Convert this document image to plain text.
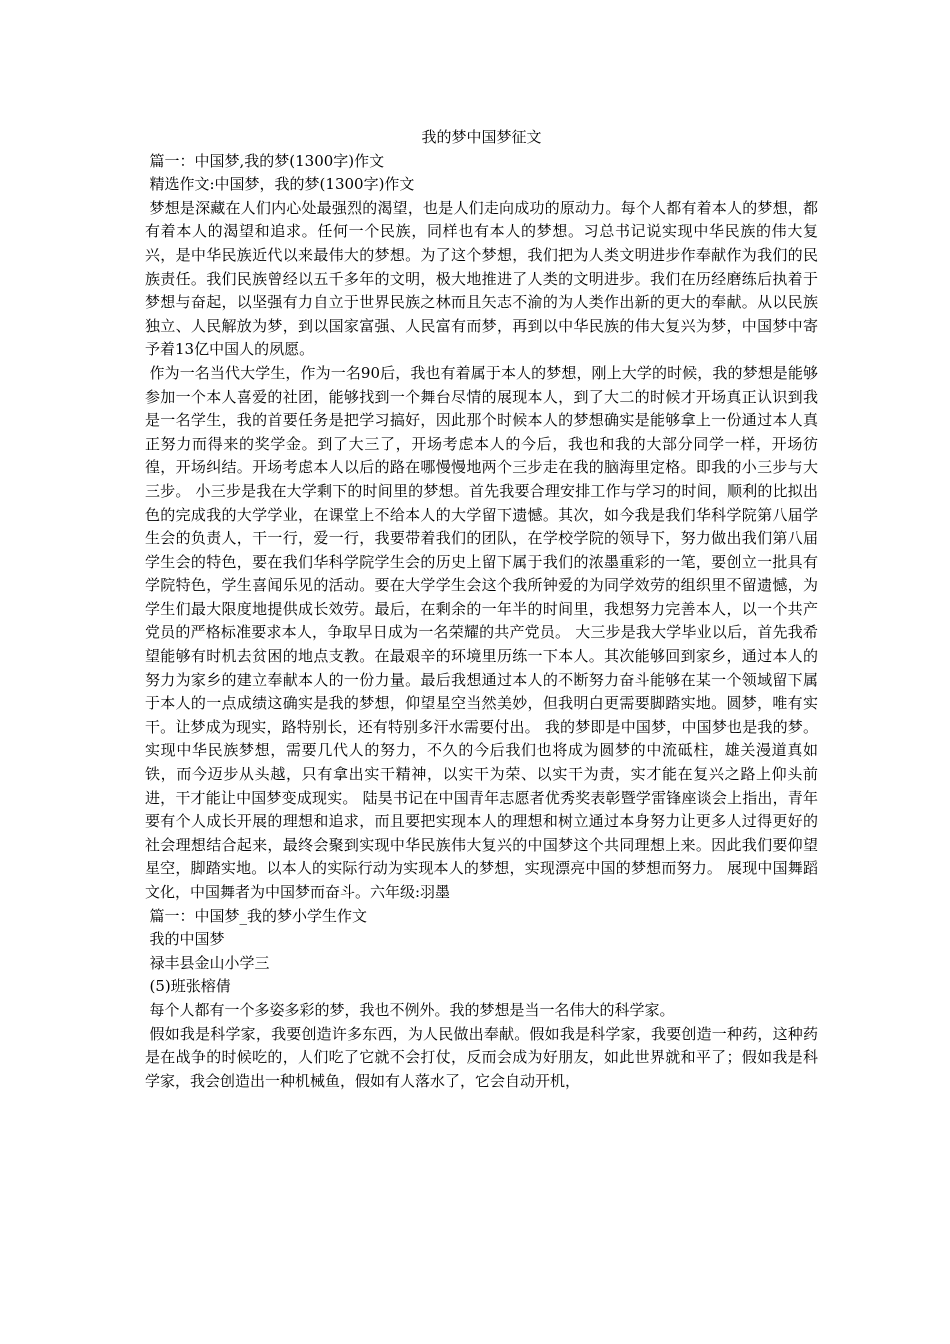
我的梦中国梦征文

篇一：中国梦,我的梦(1300字)作文

精选作文:中国梦，我的梦(1300字)作文

梦想是深藏在人们内心处最强烈的渴望，也是人们走向成功的原动力。每个人都有着本人的梦想，都有着本人的渴望和追求。任何一个民族，同样也有本人的梦想。习总书记说实现中华民族的伟大复兴，是中华民族近代以来最伟大的梦想。为了这个梦想，我们把为人类文明进步作奉献作为我们的民族责任。我们民族曾经以五千多年的文明，极大地推进了人类的文明进步。我们在历经磨练后执着于梦想与奋起，以坚强有力自立于世界民族之林而且矢志不渝的为人类作出新的更大的奉献。从以民族独立、人民解放为梦，到以国家富强、人民富有而梦，再到以中华民族的伟大复兴为梦，中国梦中寄予着13亿中国人的夙愿。

作为一名当代大学生，作为一名90后，我也有着属于本人的梦想，刚上大学的时候，我的梦想是能够参加一个本人喜爱的社团，能够找到一个舞台尽情的展现本人，到了大二的时候才开场真正认识到我是一名学生，我的首要任务是把学习搞好，因此那个时候本人的梦想确实是能够拿上一份通过本人真正努力而得来的奖学金。到了大三了，开场考虑本人的今后，我也和我的大部分同学一样，开场彷徨，开场纠结。开场考虑本人以后的路在哪慢慢地两个三步走在我的脑海里定格。即我的小三步与大三步。 小三步是我在大学剩下的时间里的梦想。首先我要合理安排工作与学习的时间，顺利的比拟出色的完成我的大学学业，在课堂上不给本人的大学留下遗憾。其次，如今我是我们华科学院第八届学生会的负责人，干一行，爱一行，我要带着我们的团队，在学校学院的领导下，努力做出我们第八届学生会的特色，要在我们华科学院学生会的历史上留下属于我们的浓墨重彩的一笔，要创立一批具有学院特色，学生喜闻乐见的活动。要在大学学生会这个我所钟爱的为同学效劳的组织里不留遗憾，为学生们最大限度地提供成长效劳。最后，在剩余的一年半的时间里，我想努力完善本人，以一个共产党员的严格标准要求本人，争取早日成为一名荣耀的共产党员。 大三步是我大学毕业以后，首先我希望能够有时机去贫困的地点支教。在最艰辛的环境里历练一下本人。其次能够回到家乡，通过本人的努力为家乡的建立奉献本人的一份力量。最后我想通过本人的不断努力奋斗能够在某一个领域留下属于本人的一点成绩这确实是我的梦想，仰望星空当然美妙，但我明白更需要脚踏实地。圆梦，唯有实干。让梦成为现实，路特别长，还有特别多汗水需要付出。 我的梦即是中国梦，中国梦也是我的梦。实现中华民族梦想，需要几代人的努力，不久的今后我们也将成为圆梦的中流砥柱，雄关漫道真如铁，而今迈步从头越，只有拿出实干精神，以实干为荣、以实干为责，实才能在复兴之路上仰头前进，干才能让中国梦变成现实。 陆昊书记在中国青年志愿者优秀奖表彰暨学雷锋座谈会上指出，青年要有个人成长开展的理想和追求，而且要把实现本人的理想和树立通过本身努力让更多人过得更好的社会理想结合起来，最终会聚到实现中华民族伟大复兴的中国梦这个共同理想上来。因此我们要仰望星空，脚踏实地。以本人的实际行动为实现本人的梦想，实现漂亮中国的梦想而努力。 展现中国舞蹈文化，中国舞者为中国梦而奋斗。六年级:羽墨

篇一：中国梦_我的梦小学生作文

我的中国梦

禄丰县金山小学三

(5)班张榕倩

每个人都有一个多姿多彩的梦，我也不例外。我的梦想是当一名伟大的科学家。

假如我是科学家，我要创造许多东西，为人民做出奉献。假如我是科学家，我要创造一种药，这种药是在战争的时候吃的，人们吃了它就不会打仗，反而会成为好朋友，如此世界就和平了；假如我是科学家，我会创造出一种机械鱼，假如有人落水了，它会自动开机，
